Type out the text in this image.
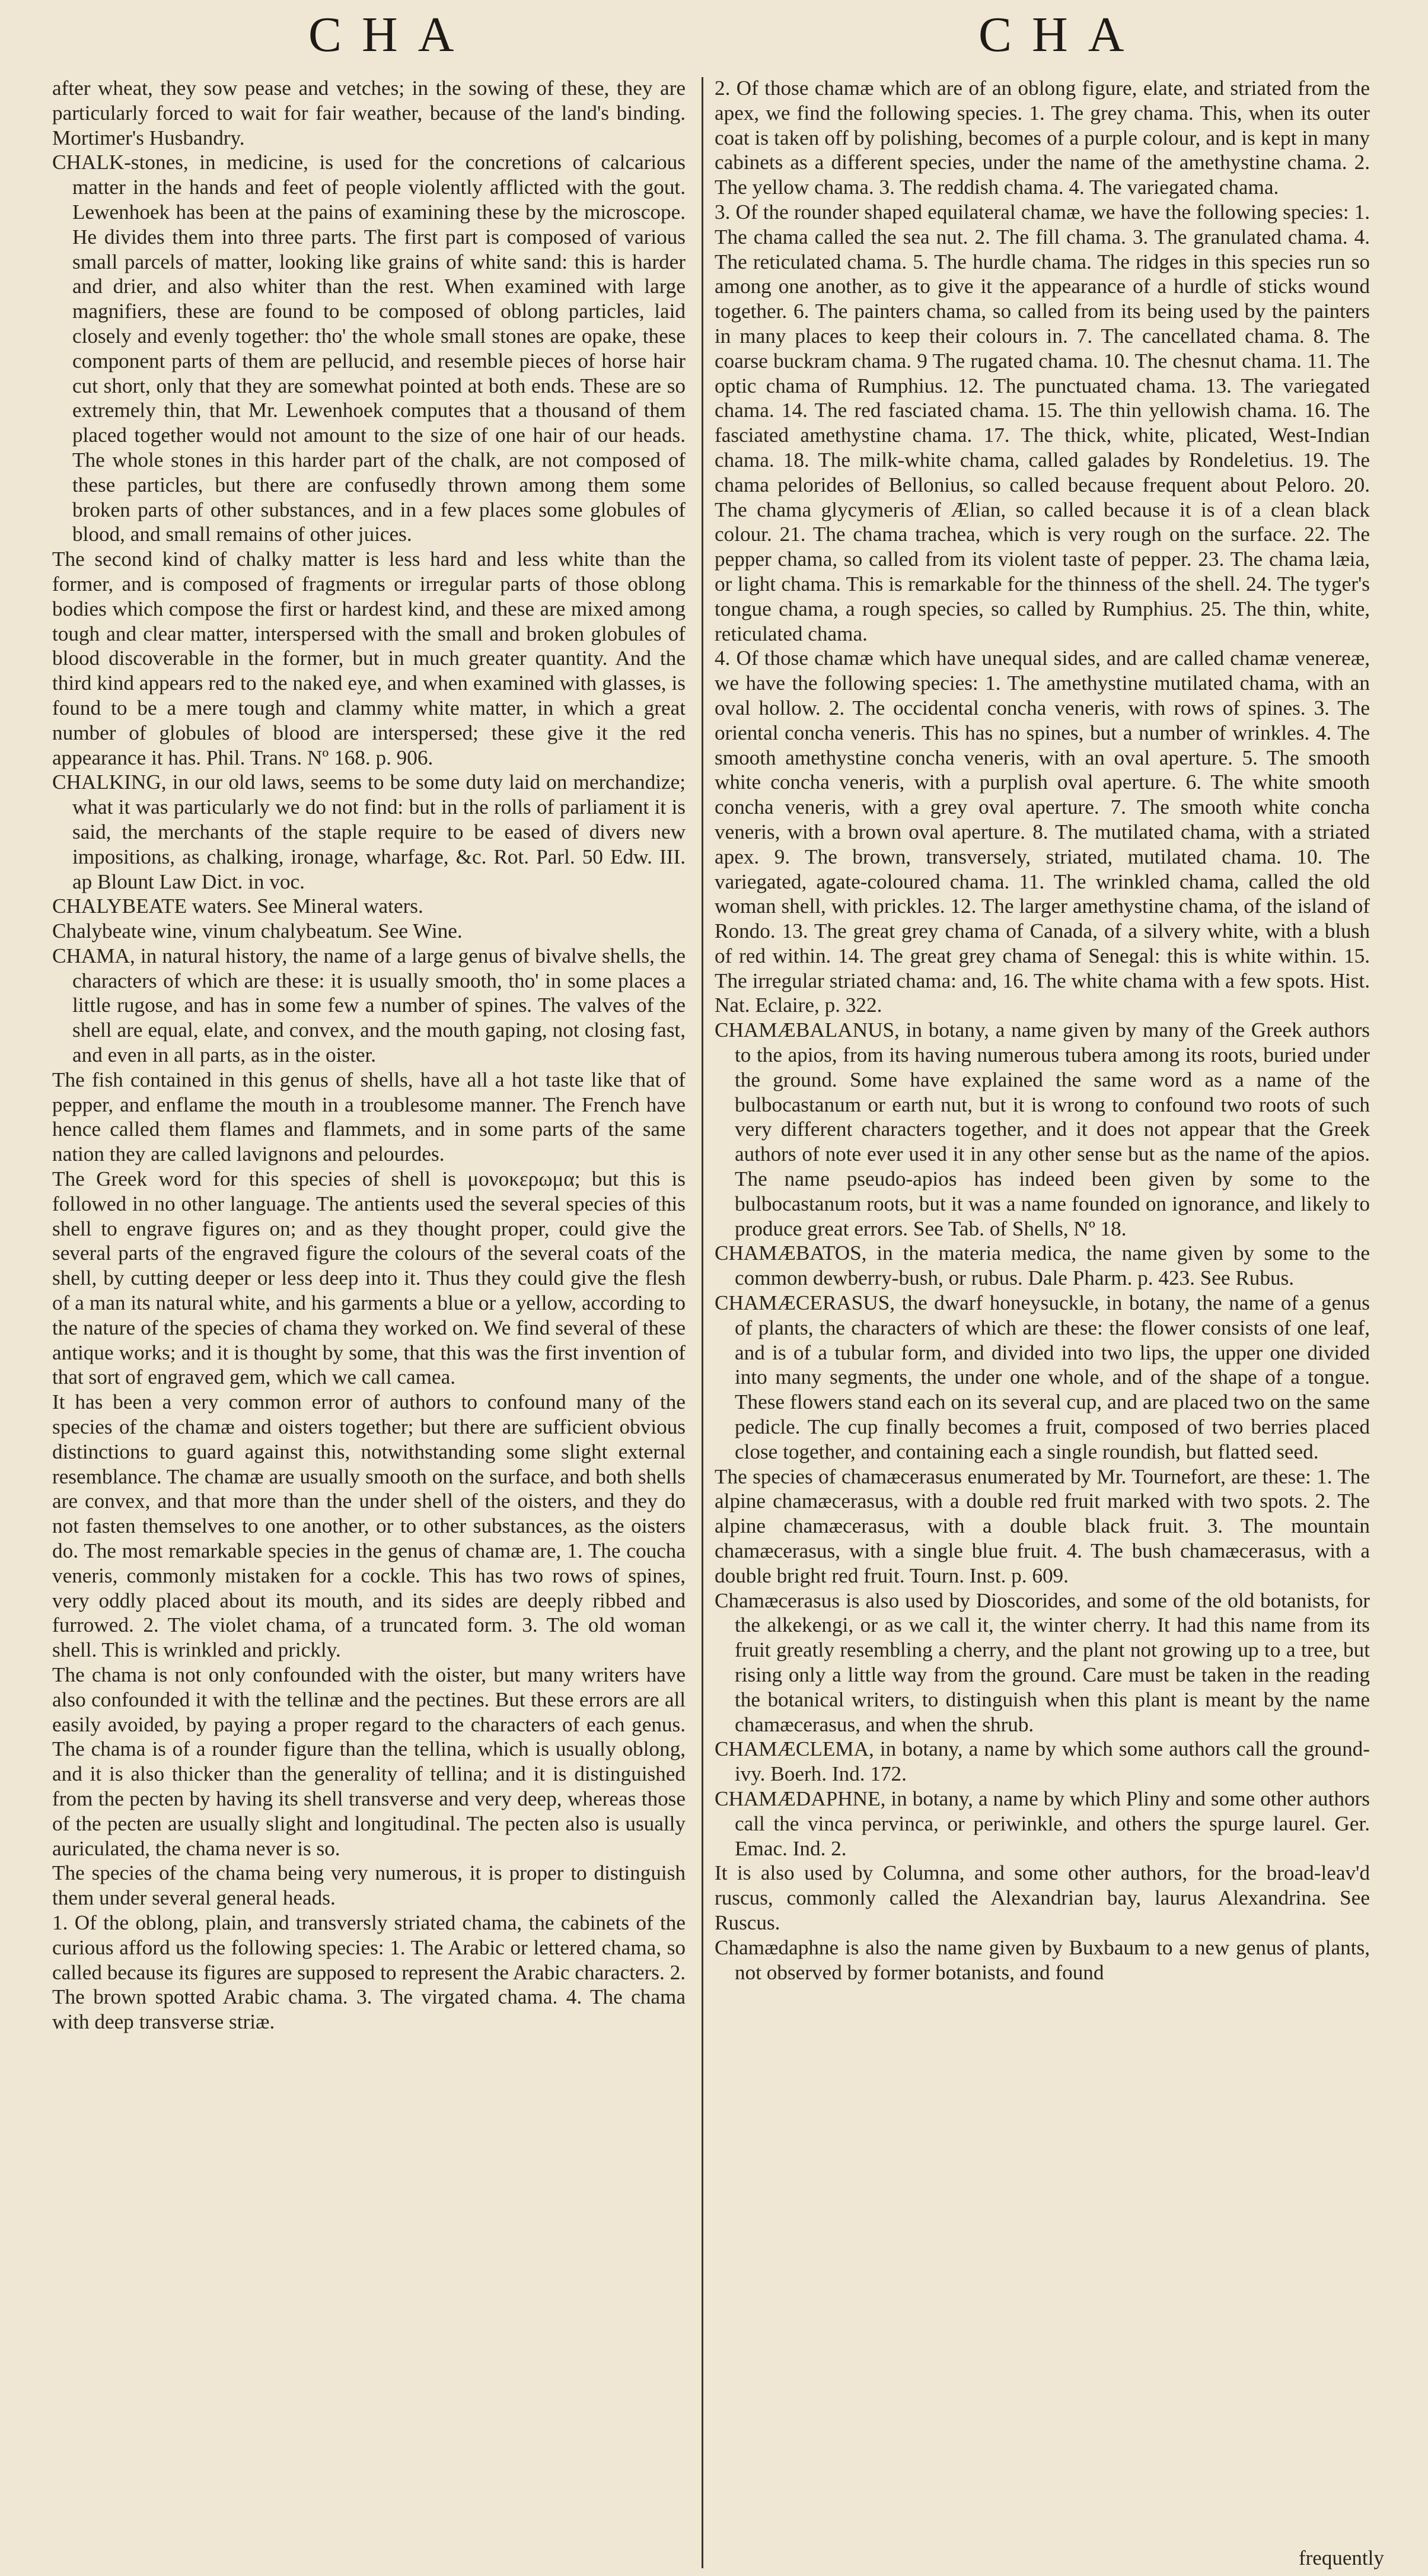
CHA	CHA

after wheat, they sow pease and vetches; in the sowing of these, they are particularly forced to wait for fair weather, because of the land's binding. Mortimer's Husbandry.

CHALK-stones, in medicine, is used for the concretions of calcarious matter in the hands and feet of people violently afflicted with the gout. Lewenhoek has been at the pains of examining these by the microscope. He divides them into three parts. The first part is composed of various small parcels of matter, looking like grains of white sand: this is harder and drier, and also whiter than the rest. When examined with large magnifiers, these are found to be composed of oblong particles, laid closely and evenly together: tho' the whole small stones are opake, these component parts of them are pellucid, and resemble pieces of horse hair cut short, only that they are somewhat pointed at both ends. These are so extremely thin, that Mr. Lewenhoek computes that a thousand of them placed together would not amount to the size of one hair of our heads. The whole stones in this harder part of the chalk, are not composed of these particles, but there are confusedly thrown among them some broken parts of other substances, and in a few places some globules of blood, and small remains of other juices.

The second kind of chalky matter is less hard and less white than the former, and is composed of fragments or irregular parts of those oblong bodies which compose the first or hardest kind, and these are mixed among tough and clear matter, interspersed with the small and broken globules of blood discoverable in the former, but in much greater quantity. And the third kind appears red to the naked eye, and when examined with glasses, is found to be a mere tough and clammy white matter, in which a great number of globules of blood are interspersed; these give it the red appearance it has. Phil. Trans. Nº 168. p. 906.

CHALKING, in our old laws, seems to be some duty laid on merchandize; what it was particularly we do not find: but in the rolls of parliament it is said, the merchants of the staple require to be eased of divers new impositions, as chalking, ironage, wharfage, &c. Rot. Parl. 50 Edw. III. ap Blount Law Dict. in voc.

CHALYBEATE waters. See Mineral waters.

Chalybeate wine, vinum chalybeatum. See Wine.

CHAMA, in natural history, the name of a large genus of bivalve shells, the characters of which are these: it is usually smooth, tho' in some places a little rugose, and has in some few a number of spines. The valves of the shell are equal, elate, and convex, and the mouth gaping, not closing fast, and even in all parts, as in the oister.

The fish contained in this genus of shells, have all a hot taste like that of pepper, and enflame the mouth in a troublesome manner. The French have hence called them flames and flammets, and in some parts of the same nation they are called lavignons and pelourdes.

The Greek word for this species of shell is μονοκερωμα; but this is followed in no other language. The antients used the several species of this shell to engrave figures on; and as they thought proper, could give the several parts of the engraved figure the colours of the several coats of the shell, by cutting deeper or less deep into it. Thus they could give the flesh of a man its natural white, and his garments a blue or a yellow, according to the nature of the species of chama they worked on. We find several of these antique works; and it is thought by some, that this was the first invention of that sort of engraved gem, which we call camea.

It has been a very common error of authors to confound many of the species of the chamæ and oisters together; but there are sufficient obvious distinctions to guard against this, notwithstanding some slight external resemblance. The chamæ are usually smooth on the surface, and both shells are convex, and that more than the under shell of the oisters, and they do not fasten themselves to one another, or to other substances, as the oisters do. The most remarkable species in the genus of chamæ are, 1. The coucha veneris, commonly mistaken for a cockle. This has two rows of spines, very oddly placed about its mouth, and its sides are deeply ribbed and furrowed. 2. The violet chama, of a truncated form. 3. The old woman shell. This is wrinkled and prickly.

The chama is not only confounded with the oister, but many writers have also confounded it with the tellinæ and the pectines. But these errors are all easily avoided, by paying a proper regard to the characters of each genus. The chama is of a rounder figure than the tellina, which is usually oblong, and it is also thicker than the generality of tellina; and it is distinguished from the pecten by having its shell transverse and very deep, whereas those of the pecten are usually slight and longitudinal. The pecten also is usually auriculated, the chama never is so.

The species of the chama being very numerous, it is proper to distinguish them under several general heads.

1. Of the oblong, plain, and transversly striated chama, the cabinets of the curious afford us the following species: 1. The Arabic or lettered chama, so called because its figures are supposed to represent the Arabic characters. 2. The brown spotted Arabic chama. 3. The virgated chama. 4. The chama with deep transverse striæ.

2. Of those chamæ which are of an oblong figure, elate, and striated from the apex, we find the following species. 1. The grey chama. This, when its outer coat is taken off by polishing, becomes of a purple colour, and is kept in many cabinets as a different species, under the name of the amethystine chama. 2. The yellow chama. 3. The reddish chama. 4. The variegated chama.

3. Of the rounder shaped equilateral chamæ, we have the following species: 1. The chama called the sea nut. 2. The fill chama. 3. The granulated chama. 4. The reticulated chama. 5. The hurdle chama. The ridges in this species run so among one another, as to give it the appearance of a hurdle of sticks wound together. 6. The painters chama, so called from its being used by the painters in many places to keep their colours in. 7. The cancellated chama. 8. The coarse buckram chama. 9 The rugated chama. 10. The chesnut chama. 11. The optic chama of Rumphius. 12. The punctuated chama. 13. The variegated chama. 14. The red fasciated chama. 15. The thin yellowish chama. 16. The fasciated amethystine chama. 17. The thick, white, plicated, West-Indian chama. 18. The milk-white chama, called galades by Rondeletius. 19. The chama pelorides of Bellonius, so called because frequent about Peloro. 20. The chama glycymeris of Ælian, so called because it is of a clean black colour. 21. The chama trachea, which is very rough on the surface. 22. The pepper chama, so called from its violent taste of pepper. 23. The chama læia, or light chama. This is remarkable for the thinness of the shell. 24. The tyger's tongue chama, a rough species, so called by Rumphius. 25. The thin, white, reticulated chama.

4. Of those chamæ which have unequal sides, and are called chamæ venereæ, we have the following species: 1. The amethystine mutilated chama, with an oval hollow. 2. The occidental concha veneris, with rows of spines. 3. The oriental concha veneris. This has no spines, but a number of wrinkles. 4. The smooth amethystine concha veneris, with an oval aperture. 5. The smooth white concha veneris, with a purplish oval aperture. 6. The white smooth concha veneris, with a grey oval aperture. 7. The smooth white concha veneris, with a brown oval aperture. 8. The mutilated chama, with a striated apex. 9. The brown, transversely, striated, mutilated chama. 10. The variegated, agate-coloured chama. 11. The wrinkled chama, called the old woman shell, with prickles. 12. The larger amethystine chama, of the island of Rondo. 13. The great grey chama of Canada, of a silvery white, with a blush of red within. 14. The great grey chama of Senegal: this is white within. 15. The irregular striated chama: and, 16. The white chama with a few spots. Hist. Nat. Eclaire, p. 322.

CHAMÆBALANUS, in botany, a name given by many of the Greek authors to the apios, from its having numerous tubera among its roots, buried under the ground. Some have explained the same word as a name of the bulbocastanum or earth nut, but it is wrong to confound two roots of such very different characters together, and it does not appear that the Greek authors of note ever used it in any other sense but as the name of the apios. The name pseudo-apios has indeed been given by some to the bulbocastanum roots, but it was a name founded on ignorance, and likely to produce great errors. See Tab. of Shells, Nº 18.

CHAMÆBATOS, in the materia medica, the name given by some to the common dewberry-bush, or rubus. Dale Pharm. p. 423. See Rubus.

CHAMÆCERASUS, the dwarf honeysuckle, in botany, the name of a genus of plants, the characters of which are these: the flower consists of one leaf, and is of a tubular form, and divided into two lips, the upper one divided into many segments, the under one whole, and of the shape of a tongue. These flowers stand each on its several cup, and are placed two on the same pedicle. The cup finally becomes a fruit, composed of two berries placed close together, and containing each a single roundish, but flatted seed.

The species of chamæcerasus enumerated by Mr. Tournefort, are these: 1. The alpine chamæcerasus, with a double red fruit marked with two spots. 2. The alpine chamæcerasus, with a double black fruit. 3. The mountain chamæcerasus, with a single blue fruit. 4. The bush chamæcerasus, with a double bright red fruit. Tourn. Inst. p. 609.

Chamæcerasus is also used by Dioscorides, and some of the old botanists, for the alkekengi, or as we call it, the winter cherry. It had this name from its fruit greatly resembling a cherry, and the plant not growing up to a tree, but rising only a little way from the ground. Care must be taken in the reading the botanical writers, to distinguish when this plant is meant by the name chamæcerasus, and when the shrub.

CHAMÆCLEMA, in botany, a name by which some authors call the ground-ivy. Boerh. Ind. 172.

CHAMÆDAPHNE, in botany, a name by which Pliny and some other authors call the vinca pervinca, or periwinkle, and others the spurge laurel. Ger. Emac. Ind. 2.

It is also used by Columna, and some other authors, for the broad-leav'd ruscus, commonly called the Alexandrian bay, laurus Alexandrina. See Ruscus.

Chamædaphne is also the name given by Buxbaum to a new genus of plants, not observed by former botanists, and found

frequently
